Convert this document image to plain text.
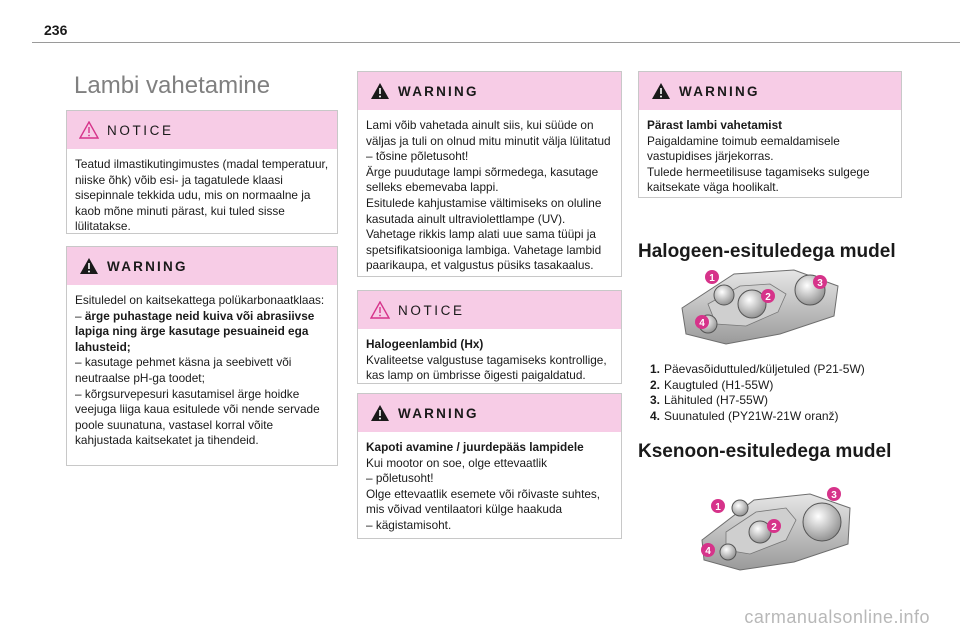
236
Lambi vahetamine
NOTICE

Teatud ilmastikutingimustes (madal temperatuur, niiske õhk) võib esi- ja tagatulede klaasi sisepinnale tekkida udu, mis on normaalne ja kaob mõne minuti pärast, kui tuled sisse lülitatakse.

WARNING

Esituledel on kaitsekattega polükarbonaatklaas:

– ärge puhastage neid kuiva või abrasiivse lapiga ning ärge kasutage pesuaineid ega lahusteid;

– kasutage pehmet käsna ja seebivett või neutraalse pH-ga toodet;

– kõrgsurvepesuri kasutamisel ärge hoidke veejuga liiga kaua esitulede või nende servade poole suunatuna, vastasel korral võite kahjustada kaitsekatet ja tihendeid.

WARNING

Lami võib vahetada ainult siis, kui süüde on väljas ja tuli on olnud mitu minutit välja lülitatud – tõsine põletusoht!

Ärge puudutage lampi sõrmedega, kasutage selleks ebemevaba lappi.

Esitulede kahjustamise vältimiseks on oluline kasutada ainult ultraviolettlampe (UV).

Vahetage rikkis lamp alati uue sama tüüpi ja spetsifikatsiooniga lambiga. Vahetage lambid paarikaupa, et valgustus püsiks tasakaalus.

NOTICE

Halogeenlambid (Hx)

Kvaliteetse valgustuse tagamiseks kontrollige, kas lamp on ümbrisse õigesti paigaldatud.

WARNING

Kapoti avamine / juurdepääs lampidele

Kui mootor on soe, olge ettevaatlik

– põletusoht!

Olge ettevaatlik esemete või rõivaste suhtes, mis võivad ventilaatori külge haakuda

– kägistamisoht.

WARNING

Pärast lambi vahetamist

Paigaldamine toimub eemaldamisele vastupidises järjekorras.

Tulede hermeetilisuse tagamiseks sulgege kaitsekate väga hoolikalt.

Halogeen-esituledega mudel
1
2
3
4
1. Päevasõiduttuled/küljetuled (P21-5W)
2. Kaugtuled (H1-55W)
3. Lähituled (H7-55W)
4. Suunatuled (PY21W-21W oranž)
Ksenoon-esituledega mudel
1
2
3
4
carmanualsonline.info
